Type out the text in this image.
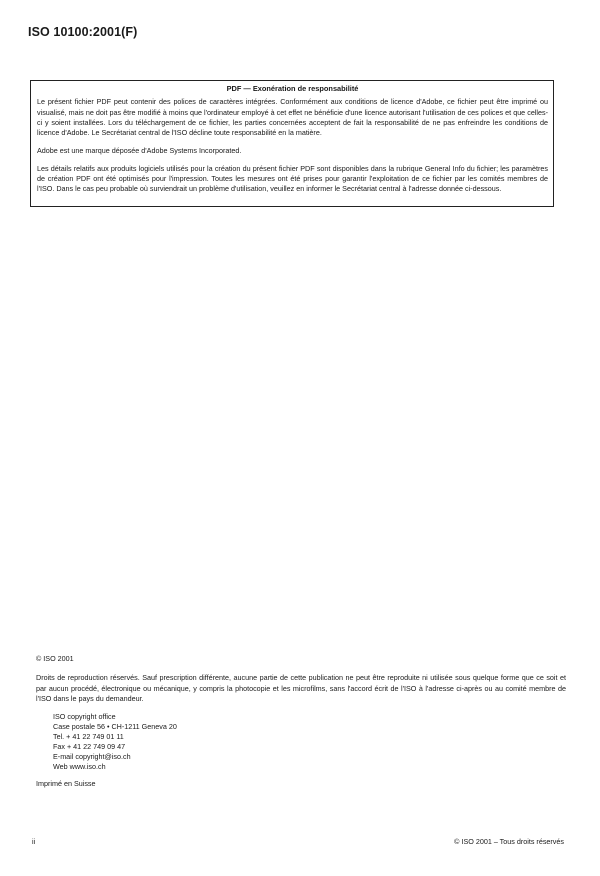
ISO 10100:2001(F)
PDF — Exonération de responsabilité

Le présent fichier PDF peut contenir des polices de caractères intégrées. Conformément aux conditions de licence d'Adobe, ce fichier peut être imprimé ou visualisé, mais ne doit pas être modifié à moins que l'ordinateur employé à cet effet ne bénéficie d'une licence autorisant l'utilisation de ces polices et que celles-ci y soient installées. Lors du téléchargement de ce fichier, les parties concernées acceptent de fait la responsabilité de ne pas enfreindre les conditions de licence d'Adobe. Le Secrétariat central de l'ISO décline toute responsabilité en la matière.

Adobe est une marque déposée d'Adobe Systems Incorporated.

Les détails relatifs aux produits logiciels utilisés pour la création du présent fichier PDF sont disponibles dans la rubrique General Info du fichier; les paramètres de création PDF ont été optimisés pour l'impression. Toutes les mesures ont été prises pour garantir l'exploitation de ce fichier par les comités membres de l'ISO. Dans le cas peu probable où surviendrait un problème d'utilisation, veuillez en informer le Secrétariat central à l'adresse donnée ci-dessous.

© ISO 2001

Droits de reproduction réservés. Sauf prescription différente, aucune partie de cette publication ne peut être reproduite ni utilisée sous quelque forme que ce soit et par aucun procédé, électronique ou mécanique, y compris la photocopie et les microfilms, sans l'accord écrit de l'ISO à l'adresse ci-après ou au comité membre de l'ISO dans le pays du demandeur.

ISO copyright office
Case postale 56 • CH-1211 Geneva 20
Tel. + 41 22 749 01 11
Fax + 41 22 749 09 47
E-mail copyright@iso.ch
Web www.iso.ch

Imprimé en Suisse

ii	© ISO 2001 – Tous droits réservés
